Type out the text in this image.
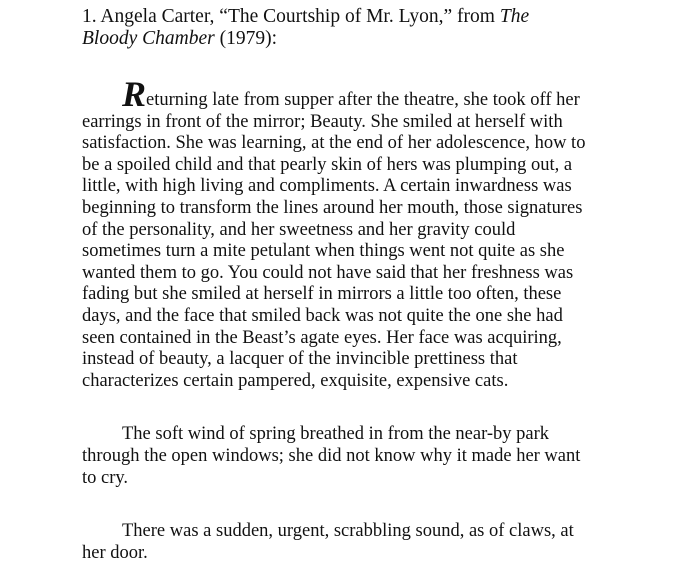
1. Angela Carter, “The Courtship of Mr. Lyon,” from The
Bloody Chamber (1979):

Returning late from supper after the theatre, she took off her
earrings in front of the mirror; Beauty. She smiled at herself with
satisfaction. She was learning, at the end of her adolescence, how to
be a spoiled child and that pearly skin of hers was plumping out, a
little, with high living and compliments. A certain inwardness was
beginning to transform the lines around her mouth, those signatures
of the personality, and her sweetness and her gravity could
sometimes turn a mite petulant when things went not quite as she
wanted them to go. You could not have said that her freshness was
fading but she smiled at herself in mirrors a little too often, these
days, and the face that smiled back was not quite the one she had
seen contained in the Beast’s agate eyes. Her face was acquiring,
instead of beauty, a lacquer of the invincible prettiness that
characterizes certain pampered, exquisite, expensive cats.

The soft wind of spring breathed in from the near-by park
through the open windows; she did not know why it made her want
to cry.

There was a sudden, urgent, scrabbling sound, as of claws, at
her door.
